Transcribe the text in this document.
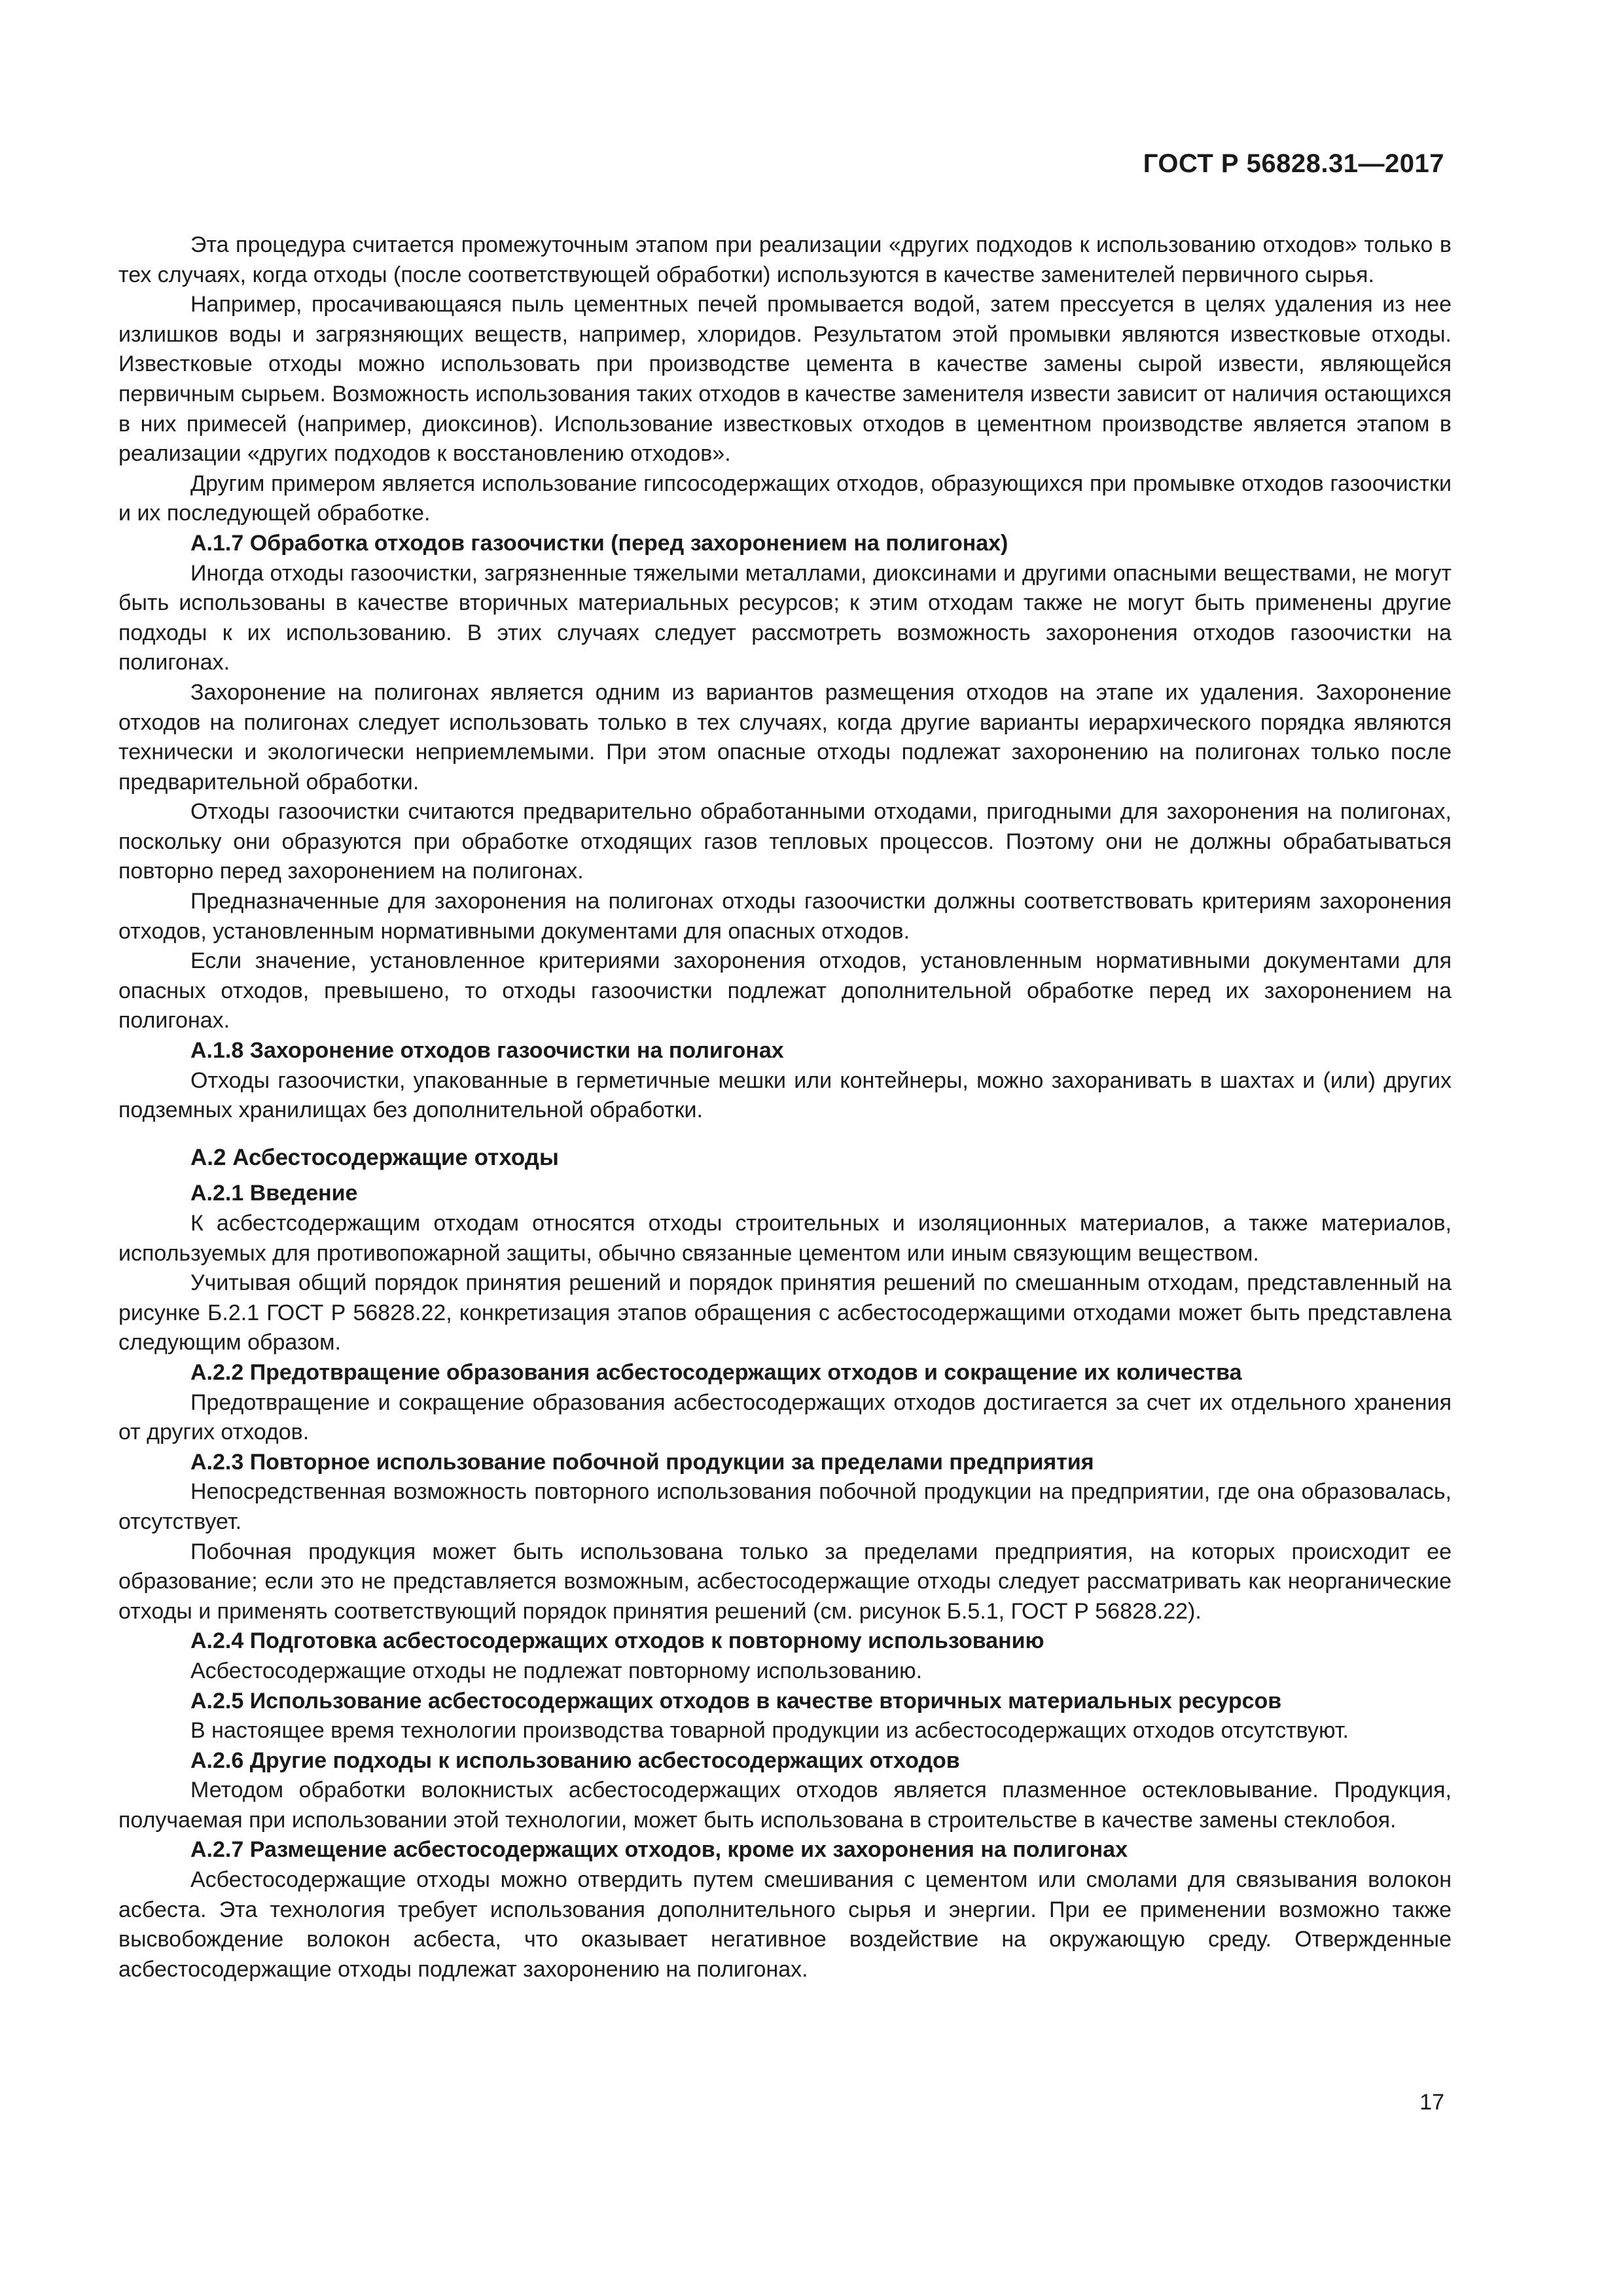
ГОСТ Р 56828.31—2017

Эта процедура считается промежуточным этапом при реализации «других подходов к использованию отходов» только в тех случаях, когда отходы (после соответствующей обработки) используются в качестве заменителей первичного сырья.

Например, просачивающаяся пыль цементных печей промывается водой, затем прессуется в целях удаления из нее излишков воды и загрязняющих веществ, например, хлоридов. Результатом этой промывки являются известковые отходы. Известковые отходы можно использовать при производстве цемента в качестве замены сырой извести, являющейся первичным сырьем. Возможность использования таких отходов в качестве заменителя извести зависит от наличия остающихся в них примесей (например, диоксинов). Использование известковых отходов в цементном производстве является этапом в реализации «других подходов к восстановлению отходов».

Другим примером является использование гипсосодержащих отходов, образующихся при промывке отходов газоочистки и их последующей обработке.

А.1.7 Обработка отходов газоочистки (перед захоронением на полигонах)

Иногда отходы газоочистки, загрязненные тяжелыми металлами, диоксинами и другими опасными веществами, не могут быть использованы в качестве вторичных материальных ресурсов; к этим отходам также не могут быть применены другие подходы к их использованию. В этих случаях следует рассмотреть возможность захоронения отходов газоочистки на полигонах.

Захоронение на полигонах является одним из вариантов размещения отходов на этапе их удаления. Захоронение отходов на полигонах следует использовать только в тех случаях, когда другие варианты иерархического порядка являются технически и экологически неприемлемыми. При этом опасные отходы подлежат захоронению на полигонах только после предварительной обработки.

Отходы газоочистки считаются предварительно обработанными отходами, пригодными для захоронения на полигонах, поскольку они образуются при обработке отходящих газов тепловых процессов. Поэтому они не должны обрабатываться повторно перед захоронением на полигонах.

Предназначенные для захоронения на полигонах отходы газоочистки должны соответствовать критериям захоронения отходов, установленным нормативными документами для опасных отходов.

Если значение, установленное критериями захоронения отходов, установленным нормативными документами для опасных отходов, превышено, то отходы газоочистки подлежат дополнительной обработке перед их захоронением на полигонах.

А.1.8 Захоронение отходов газоочистки на полигонах

Отходы газоочистки, упакованные в герметичные мешки или контейнеры, можно захоранивать в шахтах и (или) других подземных хранилищах без дополнительной обработки.

А.2 Асбестосодержащие отходы
А.2.1 Введение

К асбестсодержащим отходам относятся отходы строительных и изоляционных материалов, а также материалов, используемых для противопожарной защиты, обычно связанные цементом или иным связующим веществом.

Учитывая общий порядок принятия решений и порядок принятия решений по смешанным отходам, представленный на рисунке Б.2.1 ГОСТ Р 56828.22, конкретизация этапов обращения с асбестосодержащими отходами может быть представлена следующим образом.

А.2.2 Предотвращение образования асбестосодержащих отходов и сокращение их количества

Предотвращение и сокращение образования асбестосодержащих отходов достигается за счет их отдельного хранения от других отходов.

А.2.3 Повторное использование побочной продукции за пределами предприятия

Непосредственная возможность повторного использования побочной продукции на предприятии, где она образовалась, отсутствует.

Побочная продукция может быть использована только за пределами предприятия, на которых происходит ее образование; если это не представляется возможным, асбестосодержащие отходы следует рассматривать как неорганические отходы и применять соответствующий порядок принятия решений (см. рисунок Б.5.1, ГОСТ Р 56828.22).

А.2.4 Подготовка асбестосодержащих отходов к повторному использованию

Асбестосодержащие отходы не подлежат повторному использованию.

А.2.5 Использование асбестосодержащих отходов в качестве вторичных материальных ресурсов

В настоящее время технологии производства товарной продукции из асбестосодержащих отходов отсутствуют.

А.2.6 Другие подходы к использованию асбестосодержащих отходов

Методом обработки волокнистых асбестосодержащих отходов является плазменное остекловывание. Продукция, получаемая при использовании этой технологии, может быть использована в строительстве в качестве замены стеклобоя.

А.2.7 Размещение асбестосодержащих отходов, кроме их захоронения на полигонах

Асбестосодержащие отходы можно отвердить путем смешивания с цементом или смолами для связывания волокон асбеста. Эта технология требует использования дополнительного сырья и энергии. При ее применении возможно также высвобождение волокон асбеста, что оказывает негативное воздействие на окружающую среду. Отвержденные асбестосодержащие отходы подлежат захоронению на полигонах.

17
